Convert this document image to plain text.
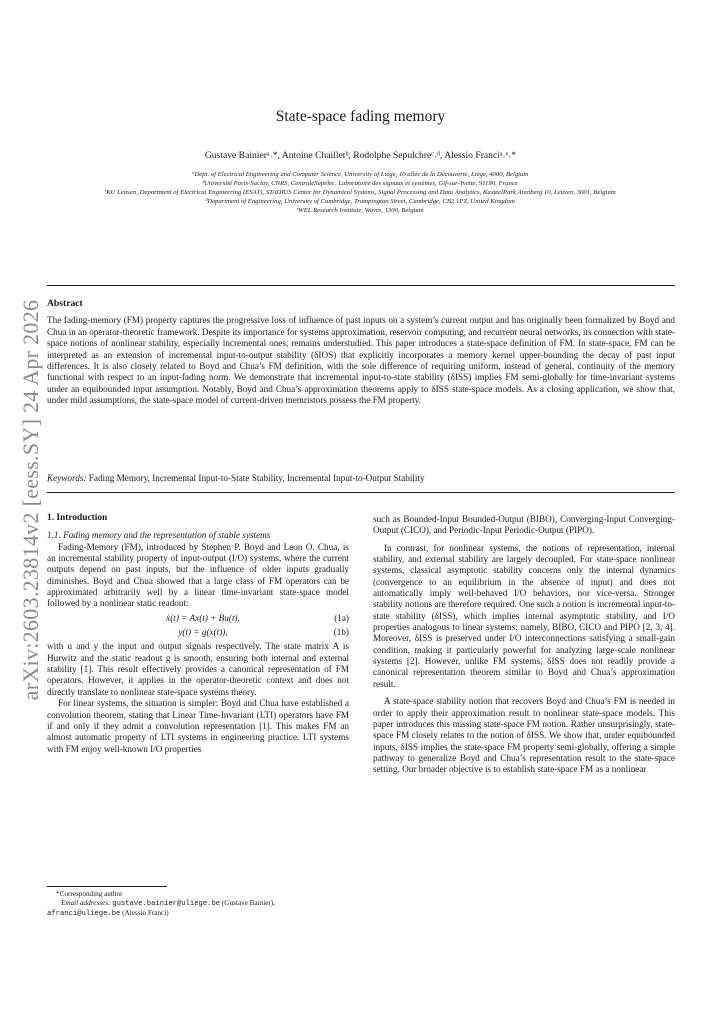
arXiv:2603.23814v2 [eess.SY] 24 Apr 2026
State-space fading memory
Gustave Bainierᵃ˒*, Antoine Chailletᵇ, Rodolphe Sepulchreᶜ˒ᵈ, Alessio Franciᵃ˒ᵉ˒*
ᵃDept. of Electrical Engineering and Computer Science, University of Liège, 10 allée de la Découverte, Liège, 4000, Belgium
ᵇUniversité Paris-Saclay, CNRS, CentraleSupélec, Laboratoire des signaux et systèmes, Gif-sur-Yvette, 91190, France
ᶜKU Leuven, Department of Electrical Engineering (ESAT), STADIUS Center for Dynamical Systems, Signal Processing and Data Analytics, KasteelPark Arenberg 10, Leuven, 3001, Belgium
ᵈDepartment of Engineering, University of Cambridge, Trumpington Street, Cambridge, CB2 1PZ, United Kingdom
ᵉWEL Research Institute, Wavre, 1300, Belgium
Abstract

The fading-memory (FM) property captures the progressive loss of influence of past inputs on a system’s current output and has originally been formalized by Boyd and Chua in an operator-theoretic framework. Despite its importance for systems approximation, reservoir computing, and recurrent neural networks, its connection with state-space notions of nonlinear stability, especially incremental ones, remains understudied. This paper introduces a state-space definition of FM. In state-space, FM can be interpreted as an extension of incremental input-to-output stability (δIOS) that explicitly incorporates a memory kernel upper-bounding the decay of past input differences. It is also closely related to Boyd and Chua’s FM definition, with the sole difference of requiring uniform, instead of general, continuity of the memory functional with respect to an input-fading norm. We demonstrate that incremental input-to-state stability (δISS) implies FM semi-globally for time-invariant systems under an equibounded input assumption. Notably, Boyd and Chua’s approximation theorems apply to δISS state-space models. As a closing application, we show that, under mild assumptions, the state-space model of current-driven memristors possess the FM property.

Keywords: Fading Memory, Incremental Input-to-State Stability, Incremental Input-to-Output Stability
1. Introduction
1.1. Fading memory and the representation of stable systems

Fading-Memory (FM), introduced by Stephen P. Boyd and Leon O. Chua, is an incremental stability property of input-output (I/O) systems, where the current outputs depend on past inputs, but the influence of older inputs gradually diminishes. Boyd and Chua showed that a large class of FM operators can be approximated arbitrarily well by a linear time-invariant state-space model followed by a nonlinear static readout:

ẋ(t) = Ax(t) + Bu(t),	(1a)
y(t) = g(x(t)),	(1b)

with u and y the input and output signals respectively. The state matrix A is Hurwitz and the static readout g is smooth, ensuring both internal and external stability [1]. This result effectively provides a canonical representation of FM operators. However, it applies in the operator-theoretic context and does not directly translate to nonlinear state-space systems theory.

For linear systems, the situation is simpler: Boyd and Chua have established a convolution theorem, stating that Linear Time-Invariant (LTI) operators have FM if and only if they admit a convolution representation [1]. This makes FM an almost automatic property of LTI systems in engineering practice. LTI systems with FM enjoy well-known I/O properties

such as Bounded-Input Bounded-Output (BIBO), Converging-Input Converging-Output (CICO), and Periodic-Input Periodic-Output (PIPO).

In contrast, for nonlinear systems, the notions of representation, internal stability, and external stability are largely decoupled. For state-space nonlinear systems, classical asymptotic stability concerns only the internal dynamics (convergence to an equilibrium in the absence of input) and does not automatically imply well-behaved I/O behaviors, nor vice-versa. Stronger stability notions are therefore required. One such a notion is incremental input-to-state stability (δISS), which implies internal asymptotic stability, and I/O properties analogous to linear systems: namely, BIBO, CICO and PIPO [2, 3, 4]. Moreover, δISS is preserved under I/O interconnections satisfying a small-gain condition, making it particularly powerful for analyzing large-scale nonlinear systems [2]. However, unlike FM systems, δISS does not readily provide a canonical representation theorem similar to Boyd and Chua’s approximation result.

A state-space stability notion that recovers Boyd and Chua’s FM is needed in order to apply their approximation result to nonlinear state-space models. This paper introduces this missing state-space FM notion. Rather unsurprisingly, state-space FM closely relates to the notion of δISS. We show that, under equibounded inputs, δISS implies the state-space FM property semi-globally, offering a simple pathway to generalize Boyd and Chua’s representation result to the state-space setting. Our broader objective is to establish state-space FM as a nonlinear

*Corresponding author
Email addresses: gustave.bainier@uliege.be (Gustave Bainier),
afranci@uliege.be (Alessio Franci)
